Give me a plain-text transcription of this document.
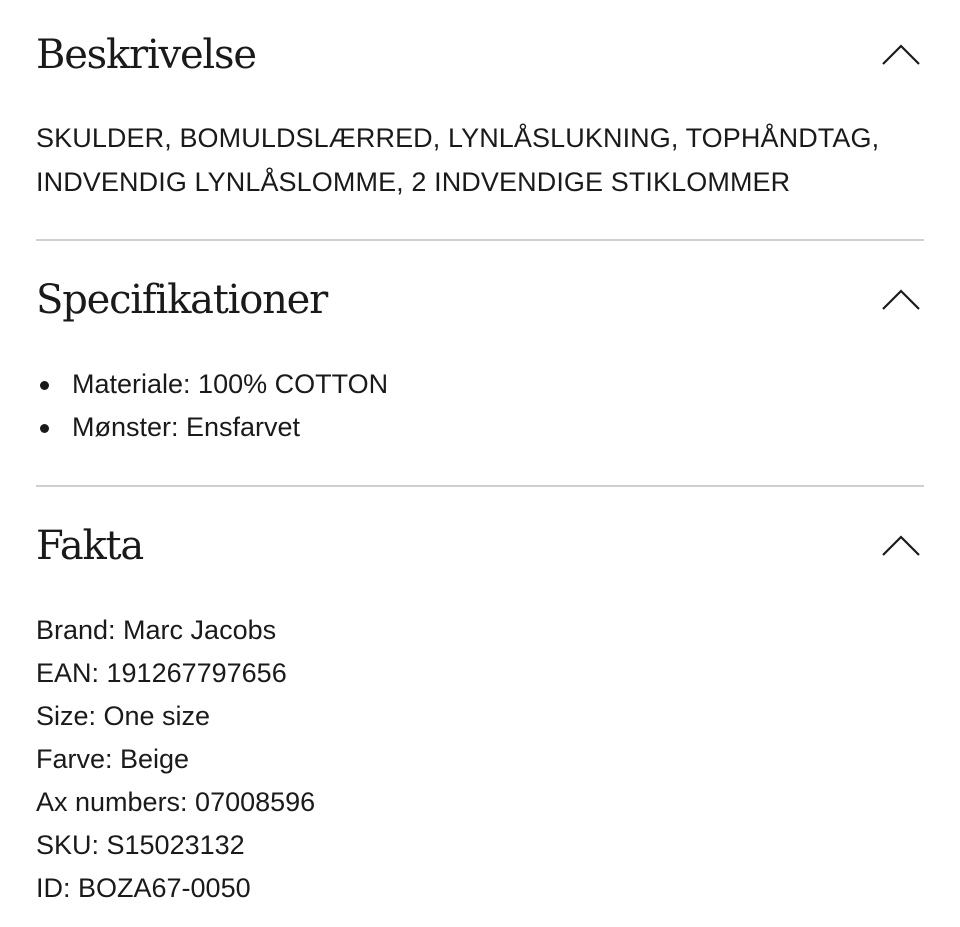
Beskrivelse

SKULDER, BOMULDSLÆRRED, LYNLÅSLUKNING, TOPHÅNDTAG,

INDVENDIG LYNLÅSLOMME, 2 INDVENDIGE STIKLOMMER

Specifikationer
Materiale: 100% COTTON
Mønster: Ensfarvet
Fakta
Brand: Marc Jacobs
EAN: 191267797656
Size: One size
Farve: Beige
Ax numbers: 07008596
SKU: S15023132
ID: BOZA67-0050
